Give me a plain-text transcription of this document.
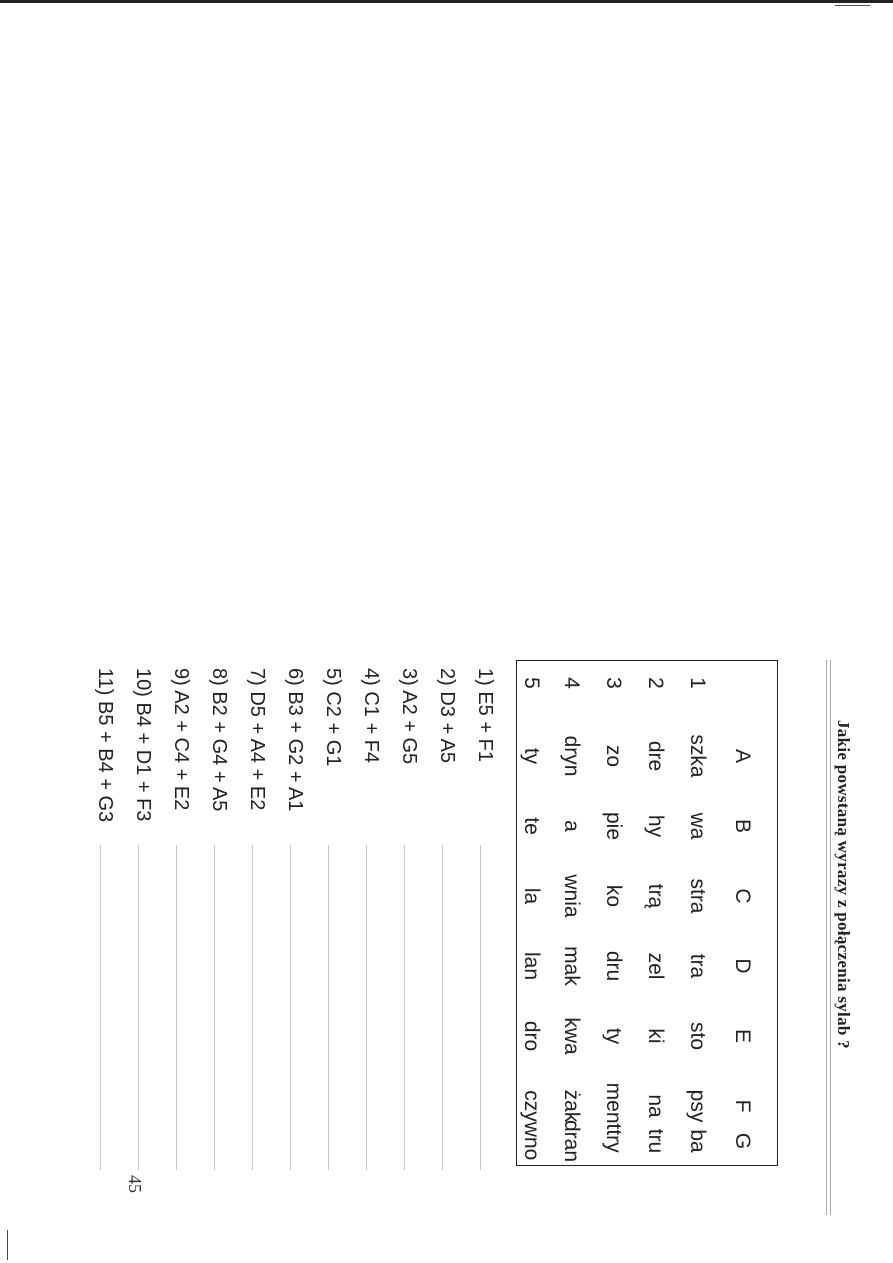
Jakie powstaną wyrazy z połączenia sylab ?
A
B
C
D
E
F
G
1
szka
wa
stra
tra
sto
psy
ba
2
dre
hy
trą
zel
ki
na
tru
3
zo
pie
ko
dru
ty
ment
try
4
dryn
a
wnia
mak
kwa
żak
dran
5
ty
te
la
lan
dro
czy
wno
1) E5 + F1
2) D3 + A5
3) A2 + G5
4) C1 + F4
5) C2 + G1
6) B3 + G2 + A1
7) D5 + A4 + E2
8) B2 + G4 + A5
9) A2 + C4 + E2
10) B4 + D1 + F3
11) B5 + B4 + G3
45
